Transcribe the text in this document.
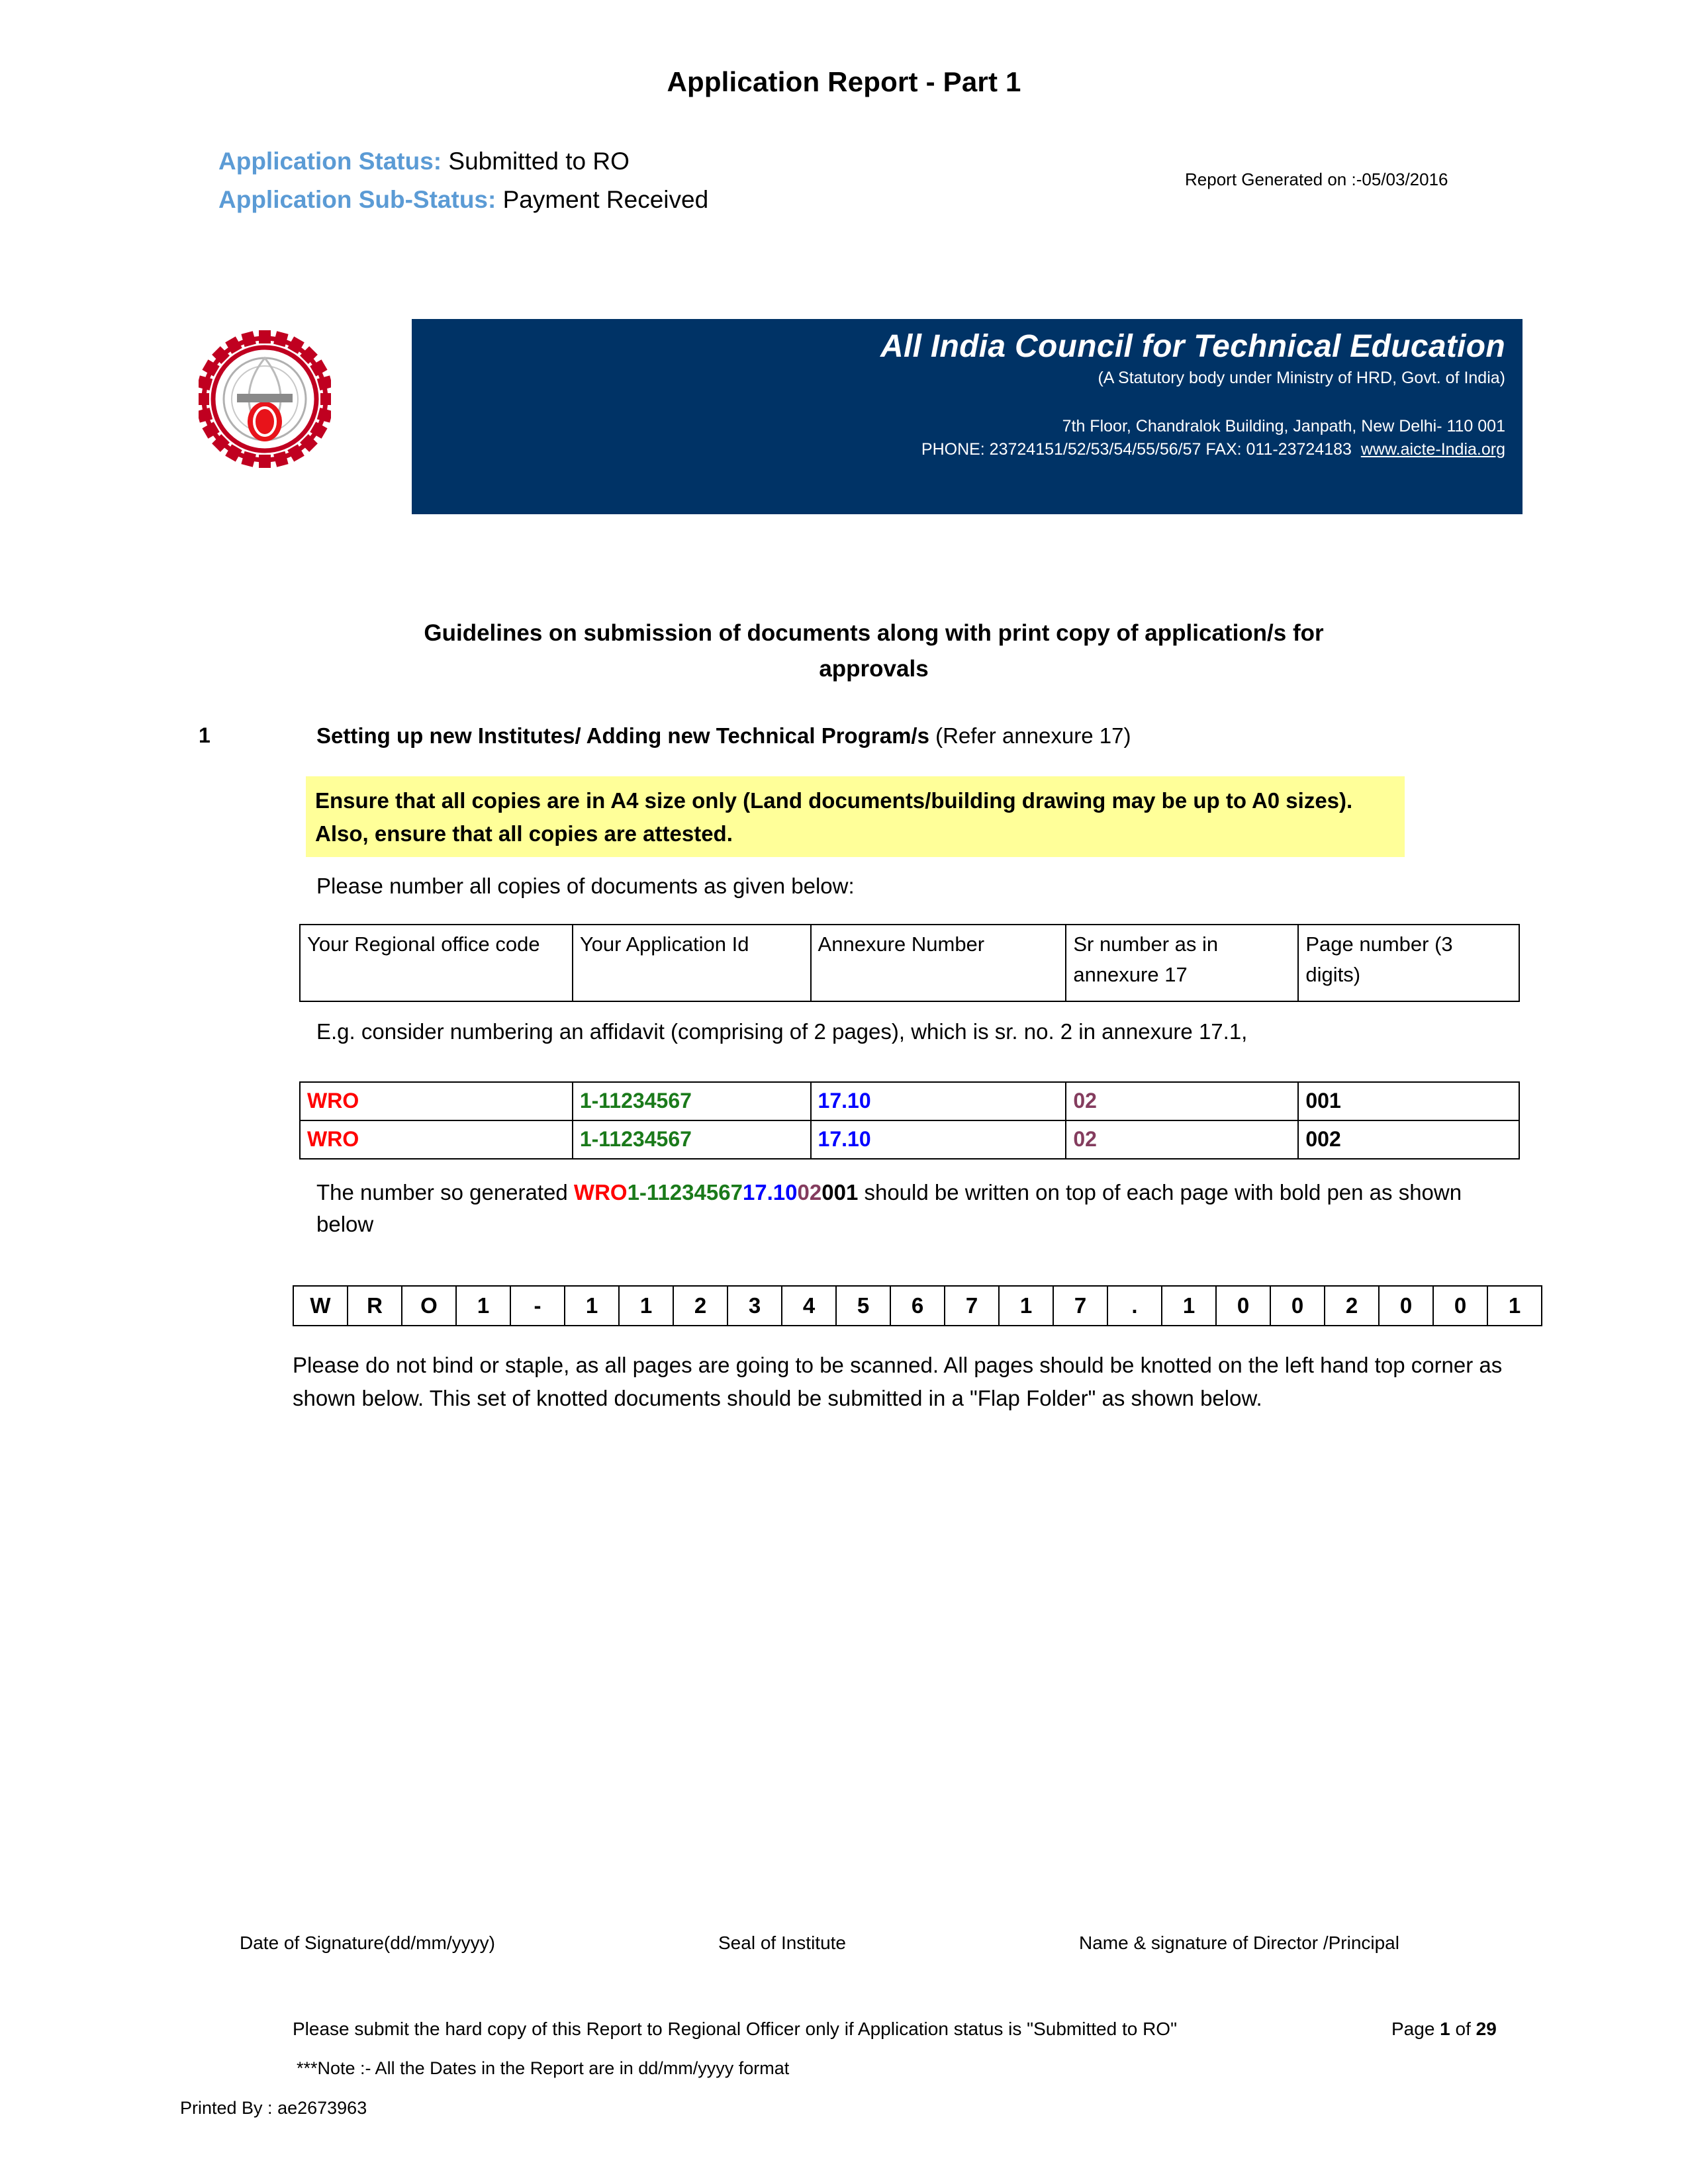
Application Report - Part 1
Application Status: Submitted to RO
Application Sub-Status: Payment Received
Report Generated on :-05/03/2016
All India Council for Technical Education
(A Statutory body under Ministry of HRD, Govt. of India)
7th Floor, Chandralok Building, Janpath, New Delhi- 110 001
PHONE: 23724151/52/53/54/55/56/57 FAX: 011-23724183 www.aicte-India.org
Guidelines on submission of documents along with print copy of application/s for
approvals
1	Setting up new Institutes/ Adding new Technical Program/s (Refer annexure 17)
Ensure that all copies are in A4 size only (Land documents/building drawing may be up to A0 sizes). Also, ensure that all copies are attested.
Please number all copies of documents as given below:
Your Regional office code	Your Application Id	Annexure Number	Sr number as in annexure 17	Page number (3 digits)
E.g. consider numbering an affidavit (comprising of 2 pages), which is sr. no. 2 in annexure 17.1,
WRO	1-11234567	17.10	02	001
WRO	1-11234567	17.10	02	002
The number so generated WRO1-1123456717.1002001 should be written on top of each page with bold pen as shown below
W	R	O	1	-	1	1	2	3	4	5	6	7	1	7	.	1	0	0	2	0	0	1
Please do not bind or staple, as all pages are going to be scanned. All pages should be knotted on the left hand top corner as shown below. This set of knotted documents should be submitted in a "Flap Folder" as shown below.
Date of Signature(dd/mm/yyyy)	Seal of Institute	Name & signature of Director /Principal
Please submit the hard copy of this Report to Regional Officer only if Application status is "Submitted to RO"	Page 1 of 29
***Note :- All the Dates in the Report are in dd/mm/yyyy format
Printed By : ae2673963
